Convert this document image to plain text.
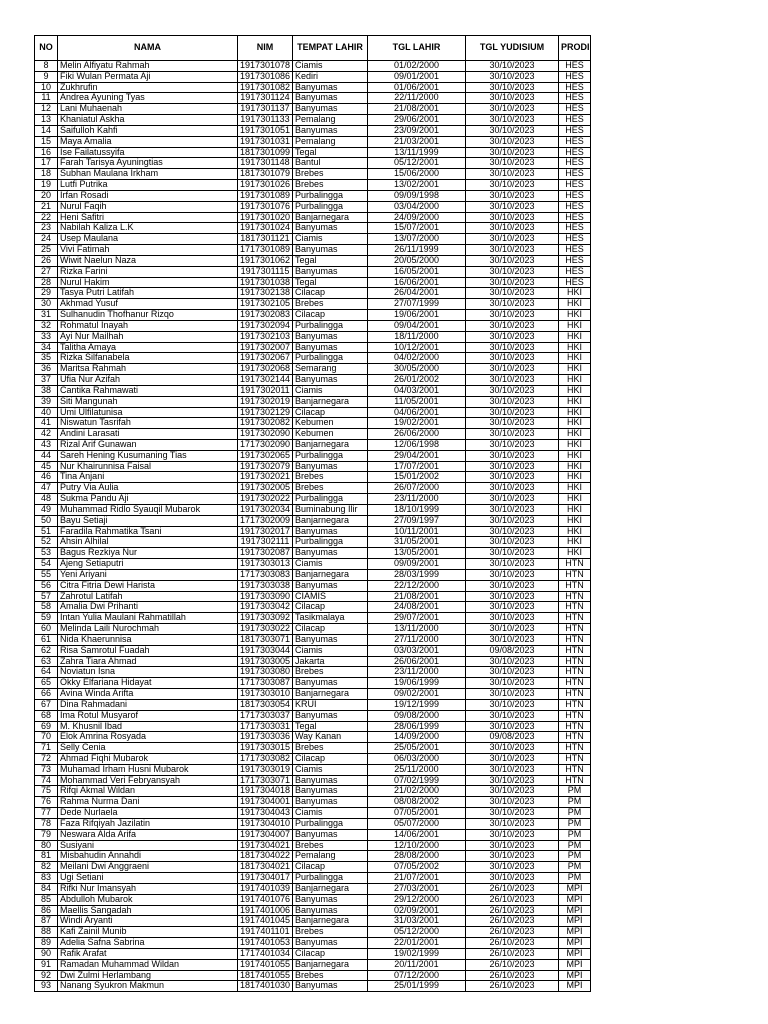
NO	NAMA	NIM	TEMPAT LAHIR	TGL LAHIR	TGL YUDISIUM	PRODI
8	Melin Alfiyatu Rahmah	1917301078	Ciamis	01/02/2000	30/10/2023	HES
9	Fiki Wulan Permata Aji	1917301086	Kediri	09/01/2001	30/10/2023	HES
10	Zukhrufin	1917301082	Banyumas	01/06/2001	30/10/2023	HES
11	Andrea Ayuning Tyas	1917301124	Banyumas	22/11/2000	30/10/2023	HES
12	Lani Muhaenah	1917301137	Banyumas	21/08/2001	30/10/2023	HES
13	Khaniatul Askha	1917301133	Pemalang	29/06/2001	30/10/2023	HES
14	Saifulloh Kahfi	1917301051	Banyumas	23/09/2001	30/10/2023	HES
15	Maya Amalia	1917301031	Pemalang	21/03/2001	30/10/2023	HES
16	Ise Failatussyifa	1817301099	Tegal	13/11/1999	30/10/2023	HES
17	Farah Tarisya Ayuningtias	1917301148	Bantul	05/12/2001	30/10/2023	HES
18	Subhan Maulana Irkham	1817301079	Brebes	15/06/2000	30/10/2023	HES
19	Lutfi Putrika	1917301026	Brebes	13/02/2001	30/10/2023	HES
20	Irfan Rosadi	1917301089	Purbalingga	09/09/1998	30/10/2023	HES
21	Nurul Faqih	1917301076	Purbalingga	03/04/2000	30/10/2023	HES
22	Heni Safitri	1917301020	Banjarnegara	24/09/2000	30/10/2023	HES
23	Nabilah Kaliza L.K	1917301024	Banyumas	15/07/2001	30/10/2023	HES
24	Usep Maulana	1817301121	Ciamis	13/07/2000	30/10/2023	HES
25	Vivi Fatimah	1717301089	Banyumas	26/11/1999	30/10/2023	HES
26	Wiwit Naelun Naza	1917301062	Tegal	20/05/2000	30/10/2023	HES
27	Rizka Farini	1917301115	Banyumas	16/05/2001	30/10/2023	HES
28	Nurul Hakim	1917301038	Tegal	16/06/2001	30/10/2023	HES
29	Tasya Putri Latifah	1917302138	Cilacap	26/04/2001	30/10/2023	HKI
30	Akhmad Yusuf	1917302105	Brebes	27/07/1999	30/10/2023	HKI
31	Sulhanudin Thofhanur Rizqo	1917302083	Cilacap	19/06/2001	30/10/2023	HKI
32	Rohmatul Inayah	1917302094	Purbalingga	09/04/2001	30/10/2023	HKI
33	Ayi Nur Mailhah	1917302103	Banyumas	18/11/2000	30/10/2023	HKI
34	Talitha Amaya	1917302007	Banyumas	10/12/2001	30/10/2023	HKI
35	Rizka Silfanabela	1917302067	Purbalingga	04/02/2000	30/10/2023	HKI
36	Maritsa Rahmah	1917302068	Semarang	30/05/2000	30/10/2023	HKI
37	Ufia Nur Azifah	1917302144	Banyumas	26/01/2002	30/10/2023	HKI
38	Cantika Rahmawati	1917302011	Ciamis	04/03/2001	30/10/2023	HKI
39	Siti Mangunah	1917302019	Banjarnegara	11/05/2001	30/10/2023	HKI
40	Umi Ulfilatunisa	1917302129	Cilacap	04/06/2001	30/10/2023	HKI
41	Niswatun Tasrifah	1917302082	Kebumen	19/02/2001	30/10/2023	HKI
42	Andini Larasati	1917302090	Kebumen	26/06/2000	30/10/2023	HKI
43	Rizal Arif Gunawan	1717302090	Banjarnegara	12/06/1998	30/10/2023	HKI
44	Sareh Hening Kusumaning Tias	1917302065	Purbalingga	29/04/2001	30/10/2023	HKI
45	Nur Khairunnisa Faisal	1917302079	Banyumas	17/07/2001	30/10/2023	HKI
46	Tina Anjani	1917302021	Brebes	15/01/2002	30/10/2023	HKI
47	Putry Via Aulia	1917302005	Brebes	26/07/2000	30/10/2023	HKI
48	Sukma Pandu Aji	1917302022	Purbalingga	23/11/2000	30/10/2023	HKI
49	Muhammad Ridlo Syauqil Mubarok	1917302034	Buminabung Ilir	18/10/1999	30/10/2023	HKI
50	Bayu Setiaji	1717302009	Banjarnegara	27/09/1997	30/10/2023	HKI
51	Faradila Rahmatika Tsani	1917302017	Banyumas	10/11/2001	30/10/2023	HKI
52	Ahsin Alhilal	1917302111	Purbalingga	31/05/2001	30/10/2023	HKI
53	Bagus Rezkiya Nur	1917302087	Banyumas	13/05/2001	30/10/2023	HKI
54	Ajeng Setiaputri	1917303013	Ciamis	09/09/2001	30/10/2023	HTN
55	Yeni Ariyani	1717303083	Banjarnegara	28/03/1999	30/10/2023	HTN
56	Citra Fitria Dewi Harista	1917303038	Banyumas	22/12/2000	30/10/2023	HTN
57	Zahrotul Latifah	1917303090	CIAMIS	21/08/2001	30/10/2023	HTN
58	Amalia Dwi Prihanti	1917303042	Cilacap	24/08/2001	30/10/2023	HTN
59	Intan Yulia Maulani Rahmatillah	1917303092	Tasikmalaya	29/07/2001	30/10/2023	HTN
60	Melinda Laili Nurochmah	1917303022	Cilacap	13/11/2000	30/10/2023	HTN
61	Nida Khaerunnisa	1817303071	Banyumas	27/11/2000	30/10/2023	HTN
62	Risa Samrotul Fuadah	1917303044	Ciamis	03/03/2001	09/08/2023	HTN
63	Zahra Tiara Ahmad	1917303005	Jakarta	26/06/2001	30/10/2023	HTN
64	Noviatun Isna	1917303080	Brebes	23/11/2000	30/10/2023	HTN
65	Okky Elfariana Hidayat	1717303087	Banyumas	19/06/1999	30/10/2023	HTN
66	Avina Winda Arifta	1917303010	Banjarnegara	09/02/2001	30/10/2023	HTN
67	Dina Rahmadani	1817303054	KRUI	19/12/1999	30/10/2023	HTN
68	Ima Rotul Musyarof	1717303037	Banyumas	09/08/2000	30/10/2023	HTN
69	M. Khusnil Ibad	1717303031	Tegal	28/06/1999	30/10/2023	HTN
70	Elok Amrina Rosyada	1917303036	Way Kanan	14/09/2000	09/08/2023	HTN
71	Selly Cenia	1917303015	Brebes	25/05/2001	30/10/2023	HTN
72	Ahmad Fiqhi Mubarok	1717303082	Cilacap	06/03/2000	30/10/2023	HTN
73	Muhamad Irham Husni Mubarok	1917303019	Ciamis	25/11/2000	30/10/2023	HTN
74	Mohammad Veri Febryansyah	1717303071	Banyumas	07/02/1999	30/10/2023	HTN
75	Rifqi Akmal Wildan	1917304018	Banyumas	21/02/2000	30/10/2023	PM
76	Rahma Nurma Dani	1917304001	Banyumas	08/08/2002	30/10/2023	PM
77	Dede Nurlaela	1917304043	Ciamis	07/05/2001	30/10/2023	PM
78	Faza Rifqiyah Jazilatin	1917304010	Purbalingga	05/07/2000	30/10/2023	PM
79	Neswara Alda Arifa	1917304007	Banyumas	14/06/2001	30/10/2023	PM
80	Susiyani	1917304021	Brebes	12/10/2000	30/10/2023	PM
81	Misbahudin Annahdi	1817304022	Pemalang	28/08/2000	30/10/2023	PM
82	Meilani Dwi Anggraeni	1817304021	Cilacap	07/05/2002	30/10/2023	PM
83	Ugi Setiani	1917304017	Purbalingga	21/07/2001	30/10/2023	PM
84	Rifki Nur Imansyah	1917401039	Banjarnegara	27/03/2001	26/10/2023	MPI
85	Abdulloh Mubarok	1917401076	Banyumas	29/12/2000	26/10/2023	MPI
86	Maellis Sangadah	1917401006	Banyumas	02/09/2001	26/10/2023	MPI
87	Windi Aryanti	1917401045	Banjarnegara	31/03/2001	26/10/2023	MPI
88	Kafi Zainil Munib	1917401101	Brebes	05/12/2000	26/10/2023	MPI
89	Adelia Safna Sabrina	1917401053	Banyumas	22/01/2001	26/10/2023	MPI
90	Rafik Arafat	1717401034	Cilacap	19/02/1999	26/10/2023	MPI
91	Ramadan Muhammad Wildan	1917401055	Banjarnegara	20/11/2001	26/10/2023	MPI
92	Dwi Zulmi Herlambang	1817401055	Brebes	07/12/2000	26/10/2023	MPI
93	Nanang Syukron Makmun	1817401030	Banyumas	25/01/1999	26/10/2023	MPI
